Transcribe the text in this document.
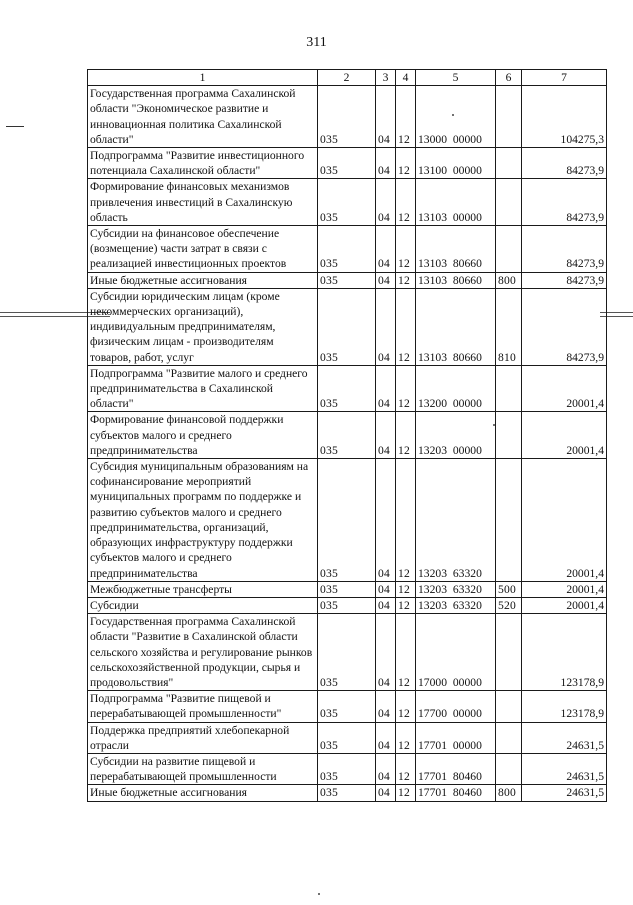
311
1	2	3	4	5	6	7
Государственная программа Сахалинской области "Экономическое развитие и инновационная политика Сахалинской области"	035	04	12	13000 00000		104275,3
Подпрограмма "Развитие инвестиционного потенциала Сахалинской области"	035	04	12	13100 00000		84273,9
Формирование финансовых механизмов привлечения инвестиций в Сахалинскую область	035	04	12	13103 00000		84273,9
Субсидии на финансовое обеспечение (возмещение) части затрат в связи с реализацией инвестиционных проектов	035	04	12	13103 80660		84273,9
Иные бюджетные ассигнования	035	04	12	13103 80660	800	84273,9
Субсидии юридическим лицам (кроме некоммерческих организаций), индивидуальным предпринимателям, физическим лицам - производителям товаров, работ, услуг	035	04	12	13103 80660	810	84273,9
Подпрограмма "Развитие малого и среднего предпринимательства в Сахалинской области"	035	04	12	13200 00000		20001,4
Формирование финансовой поддержки субъектов малого и среднего предпринимательства	035	04	12	13203 00000		20001,4
Субсидия муниципальным образованиям на софинансирование мероприятий муниципальных программ по поддержке и развитию субъектов малого и среднего предпринимательства, организаций, образующих инфраструктуру поддержки субъектов малого и среднего предпринимательства	035	04	12	13203 63320		20001,4
Межбюджетные трансферты	035	04	12	13203 63320	500	20001,4
Субсидии	035	04	12	13203 63320	520	20001,4
Государственная программа Сахалинской области "Развитие в Сахалинской области сельского хозяйства и регулирование рынков сельскохозяйственной продукции, сырья и продовольствия"	035	04	12	17000 00000		123178,9
Подпрограмма "Развитие пищевой и перерабатывающей промышленности"	035	04	12	17700 00000		123178,9
Поддержка предприятий хлебопекарной отрасли	035	04	12	17701 00000		24631,5
Субсидии на развитие пищевой и перерабатывающей промышленности	035	04	12	17701 80460		24631,5
Иные бюджетные ассигнования	035	04	12	17701 80460	800	24631,5
